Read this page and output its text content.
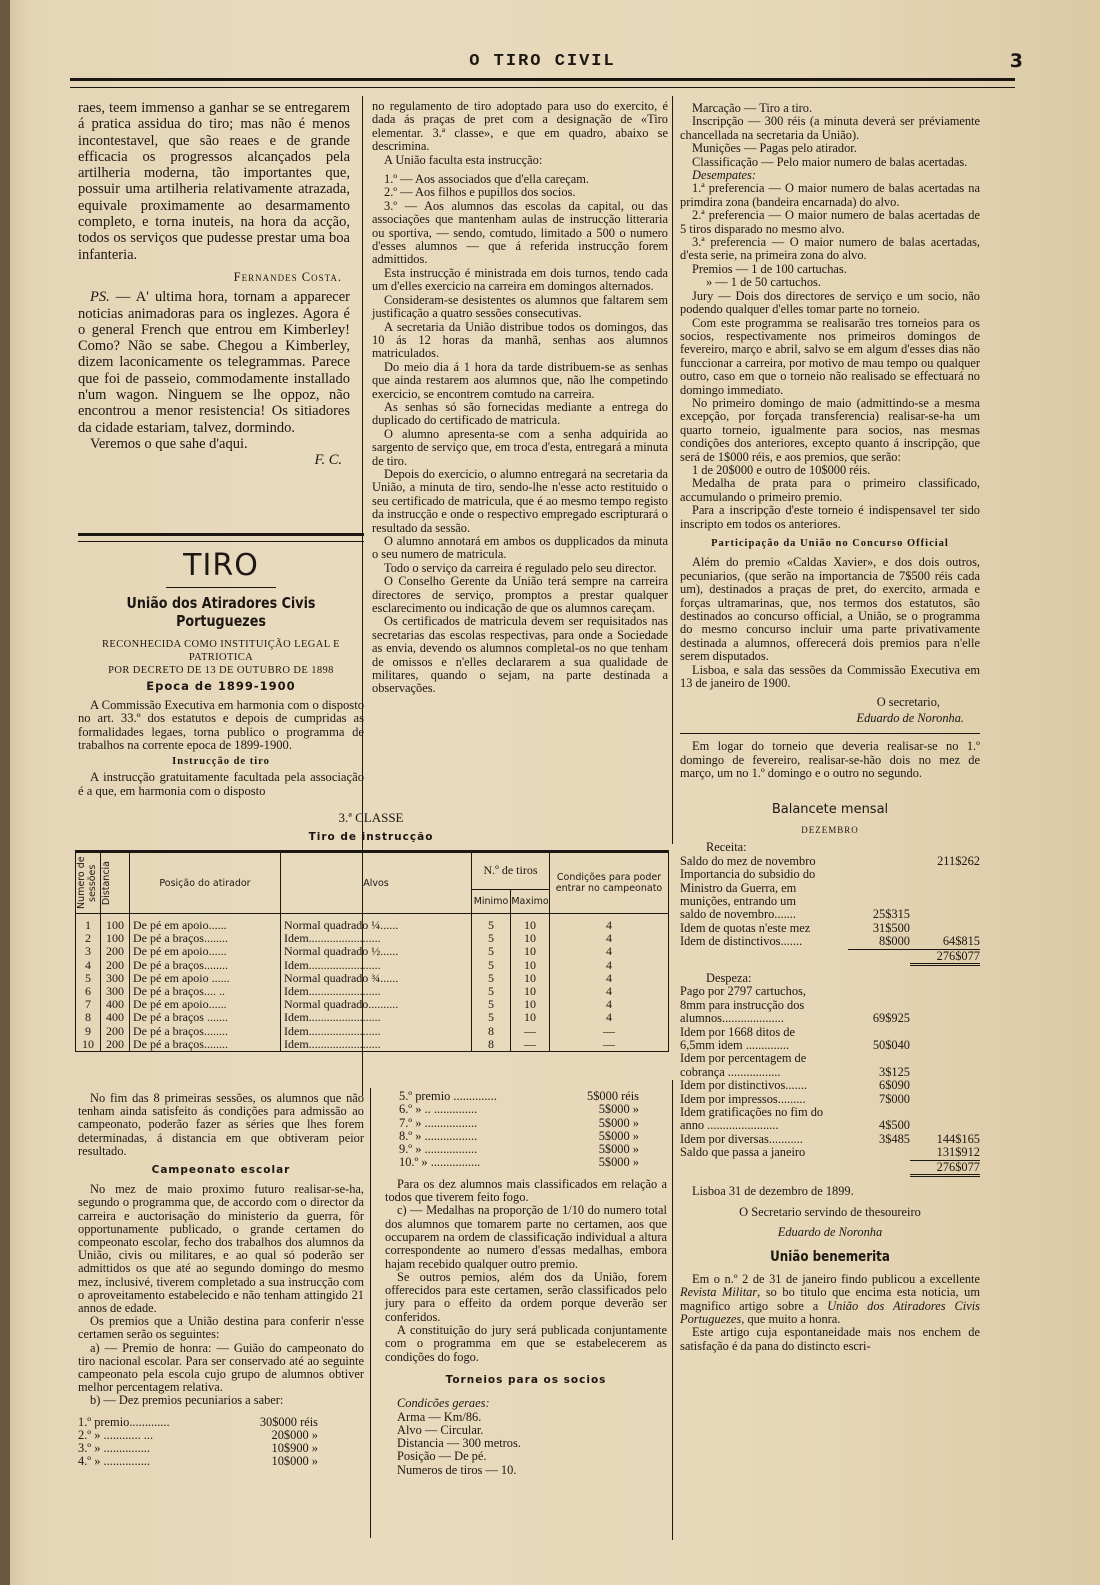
O TIRO CIVIL	3

raes, teem immenso a ganhar se se entregarem á pratica assidua do tiro; mas não é menos incontestavel, que são reaes e de grande efficacia os progressos alcançados pela artilheria moderna, tão importantes que, possuir uma artilheria relativamente atrazada, equivale proximamente ao desarmamento completo, e torna inuteis, na hora da acção, todos os serviços que pudesse prestar uma boa infanteria.

Fernandes Costa.

PS. — A' ultima hora, tornam a apparecer noticias animadoras para os inglezes. Agora é o general French que entrou em Kimberley! Como? Não se sabe. Chegou a Kimberley, dizem laconicamente os telegrammas. Parece que foi de passeio, commodamente installado n'um wagon. Ninguem se lhe oppoz, não encontrou a menor resistencia! Os sitiadores da cidade estariam, talvez, dormindo.

Veremos o que sahe d'aqui.

F. C.
TIRO
União dos Atiradores Civis Portuguezes
RECONHECIDA COMO INSTITUIÇÃO LEGAL E PATRIOTICA
POR DECRETO DE 13 DE OUTUBRO DE 1898
Epoca de 1899-1900

A Commissão Executiva em harmonia com o disposto no art. 33.º dos estatutos e depois de cumpridas as formalidades legaes, torna publico o programma de trabalhos na corrente epoca de 1899-1900.

Instrucção de tiro

A instrucção gratuitamente facultada pela associação é a que, em harmonia com o disposto

no regulamento de tiro adoptado para uso do exercito, é dada ás praças de pret com a designação de «Tiro elementar. 3.ª classe», e que em quadro, abaixo se descrimina.

A União faculta esta instrucção:

1.º — Aos associados que d'ella careçam.

2.º — Aos filhos e pupillos dos socios.

3.º — Aos alumnos das escolas da capital, ou das associações que mantenham aulas de instrucção litteraria ou sportiva, — sendo, comtudo, limitado a 500 o numero d'esses alumnos — que á referida instrucção forem admittidos.

Esta instrucção é ministrada em dois turnos, tendo cada um d'elles exercicio na carreira em domingos alternados.

Consideram-se desistentes os alumnos que faltarem sem justificação a quatro sessões consecutivas.

A secretaria da União distribue todos os domingos, das 10 ás 12 horas da manhã, senhas aos alumnos matriculados.

Do meio dia á 1 hora da tarde distribuem-se as senhas que ainda restarem aos alumnos que, não lhe competindo exercicio, se encontrem comtudo na carreira.

As senhas só são fornecidas mediante a entrega do duplicado do certificado de matricula.

O alumno apresenta-se com a senha adquirida ao sargento de serviço que, em troca d'esta, entregará a minuta de tiro.

Depois do exercicio, o alumno entregará na secretaria da União, a minuta de tiro, sendo-lhe n'esse acto restituido o seu certificado de matricula, que é ao mesmo tempo registo da instrucção e onde o respectivo empregado escripturará o resultado da sessão.

O alumno annotará em ambos os dupplicados da minuta o seu numero de matricula.

Todo o serviço da carreira é regulado pelo seu director.

O Conselho Gerente da União terá sempre na carreira directores de serviço, promptos a prestar qualquer esclarecimento ou indicação de que os alumnos careçam.

Os certificados de matricula devem ser requisitados nas secretarias das escolas respectivas, para onde a Sociedade as envia, devendo os alumnos completal-os no que tenham de omissos e n'elles declararem a sua qualidade de militares, quando o sejam, na parte destinada a observações.

Marcação — Tiro a tiro.

Inscripção — 300 réis (a minuta deverá ser préviamente chancellada na secretaria da União).

Munições — Pagas pelo atirador.

Classificação — Pelo maior numero de balas acertadas.

Desempates:

1.ª preferencia — O maior numero de balas acertadas na primdira zona (bandeira encarnada) do alvo.

2.ª preferencia — O maior numero de balas acertadas de 5 tiros disparado no mesmo alvo.

3.ª preferencia — O maior numero de balas acertadas, d'esta serie, na primeira zona do alvo.

Premios — 1 de 100 cartuchas.

» — 1 de 50 cartuchos.

Jury — Dois dos directores de serviço e um socio, não podendo qualquer d'elles tomar parte no torneio.

Com este programma se realisarão tres torneios para os socios, respectivamente nos primeiros domingos de fevereiro, março e abril, salvo se em algum d'esses dias não funccionar a carreira, por motivo de mau tempo ou qualquer outro, caso em que o torneio não realisado se effectuará no domingo immediato.

No primeiro domingo de maio (admittindo-se a mesma excepção, por forçada transferencia) realisar-se-ha um quarto torneio, igualmente para socios, nas mesmas condições dos anteriores, excepto quanto á inscripção, que será de 1$000 réis, e aos premios, que serão:

1 de 20$000 e outro de 10$000 réis.

Medalha de prata para o primeiro classificado, accumulando o primeiro premio.

Para a inscripção d'este torneio é indispensavel ter sido inscripto em todos os anteriores.

Participação da União no Concurso Official

Além do premio «Caldas Xavier», e dos dois outros, pecuniarios, (que serão na importancia de 7$500 réis cada um), destinados a praças de pret, do exercito, armada e forças ultramarinas, que, nos termos dos estatutos, são destinados ao concurso official, a União, se o programma do mesmo concurso incluir uma parte privativamente destinada a alumnos, offerecerá dois premios para n'elle serem disputados.

Lisboa, e sala das sessões da Commissão Executiva em 13 de janeiro de 1900.

O secretario,
Eduardo de Noronha.

Em logar do torneio que deveria realisar-se no 1.º domingo de fevereiro, realisar-se-hão dois no mez de março, um no 1.º domingo e o outro no segundo.

Balancete mensal
DEZEMBRO
Receita:
Saldo do mez de novembro	211$262
Importancia do subsidio do
Ministro da Guerra, em
munições, entrando um
saldo de novembro.......	25$315
Idem de quotas n'este mez	31$500
Idem de distinctivos.......	8$000	64$815
276$077
Despeza:
Pago por 2797 cartuchos,
8mm para instrucção dos
alumnos....................	69$925
Idem por 1668 ditos de
6,5mm idem ..............	50$040
Idem por percentagem de
cobrança .................	3$125
Idem por distinctivos.......	6$090
Idem por impressos.........	7$000
Idem gratificações no fim do
anno .......................	4$500
Idem por diversas...........	3$485	144$165
Saldo que passa a janeiro	131$912
276$077
Lisboa 31 de dezembro de 1899.
O Secretario servindo de thesoureiro
Eduardo de Noronha
União benemerita

Em o n.º 2 de 31 de janeiro findo publicou a excellente Revista Militar, so bo titulo que encima esta noticia, um magnifico artigo sobre a União dos Atiradores Civis Portuguezes, que muito a honra.

Este artigo cuja espontaneidade mais nos enchem de satisfação é da pana do distincto escri-

3.ª CLASSE
Tiro de instrucção
Numero de sessões	Distancia	Posição do atirador	Alvos	N.º de tiros		Condições para poder entrar no campeonato
				Minimo	Maximo	
1	100	De pé em apoio......	Normal quadrado ¼......	5	10	4
2	100	De pé a braços........	Idem........................	5	10	4
3	200	De pé em apoio......	Normal quadrado ½......	5	10	4
4	200	De pé a braços........	Idem........................	5	10	4
5	300	De pé em apoio ......	Normal quadrado ¾......	5	10	4
6	300	De pé a braços.... ..	Idem........................	5	10	4
7	400	De pé em apoio......	Normal quadrado..........	5	10	4
8	400	De pé a braços .......	Idem........................	5	10	4
9	200	De pé a braços........	Idem........................	8	—	—
10	200	De pé a braços........	Idem........................	8	—	—

No fim das 8 primeiras sessões, os alumnos que não tenham ainda satisfeito ás condições para admissão ao campeonato, poderão fazer as séries que lhes forem determinadas, á distancia em que obtiveram peior resultado.

Campeonato escolar

No mez de maio proximo futuro realisar-se-ha, segundo o programma que, de accordo com o director da carreira e auctorisação do ministerio da guerra, fôr opportunamente publicado, o grande certamen do compeonato escolar, fecho dos trabalhos dos alumnos da União, civis ou militares, e ao qual só poderão ser admittidos os que até ao segundo domingo do mesmo mez, inclusivé, tiverem completado a sua instrucção com o aproveitamento estabelecido e não tenham attingido 21 annos de edade.

Os premios que a União destina para conferir n'esse certamen serão os seguintes:

a) — Premio de honra: — Guião do campeonato do tiro nacional escolar. Para ser conservado até ao seguinte campeonato pela escola cujo grupo de alumnos obtiver melhor percentagem relativa.

b) — Dez premios pecuniarios a saber:

1.º premio.............	30$000 réis
2.º » ............ ...	20$000 »
3.º » ...............	10$900 »
4.º » ...............	10$000 »
5.º premio ..............	5$000 réis
6.º » .. ..............	5$000 »
7.º » .................	5$000 »
8.º » .................	5$000 »
9.º » .................	5$000 »
10.º » ................	5$000 »

Para os dez alumnos mais classificados em relação a todos que tiverem feito fogo.

c) — Medalhas na proporção de 1/10 do numero total dos alumnos que tomarem parte no certamen, aos que occuparem na ordem de classificação individual a altura correspondente ao numero d'essas medalhas, embora hajam recebido qualquer outro premio.

Se outros pemios, além dos da União, forem offerecidos para este certamen, serão classificados pelo jury para o effeito da ordem porque deverão ser conferidos.

A constituição do jury será publicada conjuntamente com o programma em que se estabelecerem as condições do fogo.

Torneios para os socios

Condicões geraes:

Arma — Km/86.

Alvo — Circular.

Distancia — 300 metros.

Posição — De pé.

Numeros de tiros — 10.
